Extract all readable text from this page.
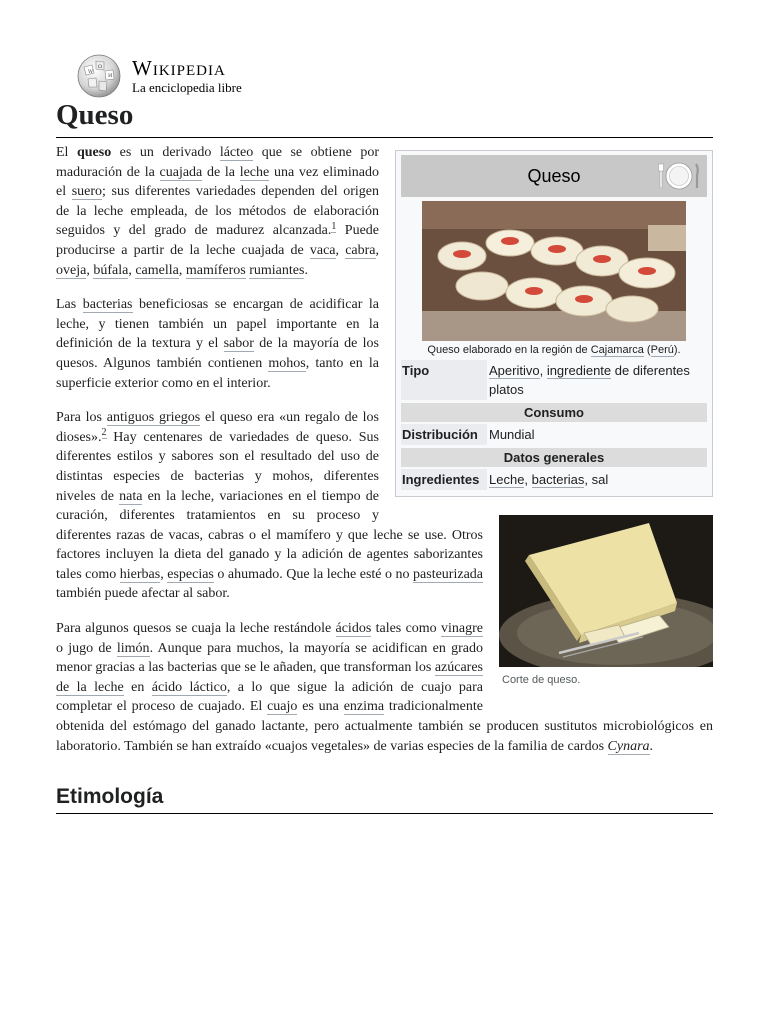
W
Ω
И Wikipedia
La enciclopedia libre
Queso
Queso
Queso elaborado en la región de Cajamarca (Perú).
Tipo	Aperitivo, ingrediente de diferentes platos
Consumo
Distribución Mundial
Datos generales
Ingredientes Leche, bacterias, sal

El queso es un derivado lácteo que se obtiene por maduración de la cuajada de la leche una vez eliminado el suero; sus diferentes variedades dependen del origen de la leche empleada, de los métodos de elaboración seguidos y del grado de madurez alcanzada.$^1$ Puede producirse a partir de la leche cuajada de vaca, cabra, oveja, búfala, camella, mamíferos rumiantes.

Las bacterias beneficiosas se encargan de acidificar la leche, y tienen también un papel importante en la definición de la textura y el sabor de la mayoría de los quesos. Algunos también contienen mohos, tanto en la superficie exterior como en el interior.

Corte de queso.

Para los antiguos griegos el queso era «un regalo de los dioses».$^2$ Hay centenares de variedades de queso. Sus diferentes estilos y sabores son el resultado del uso de distintas especies de bacterias y mohos, diferentes niveles de nata en la leche, variaciones en el tiempo de curación, diferentes tratamientos en su proceso y diferentes razas de vacas, cabras o el mamífero y que leche se use. Otros factores incluyen la dieta del ganado y la adición de agentes saborizantes tales como hierbas, especias o ahumado. Que la leche esté o no pasteurizada también puede afectar al sabor.

Para algunos quesos se cuaja la leche restándole ácidos tales como vinagre o jugo de limón. Aunque para muchos, la mayoría se acidifican en grado menor gracias a las bacterias que se le añaden, que transforman los azúcares de la leche en ácido láctico, a lo que sigue la adición de cuajo para completar el proceso de cuajado. El cuajo es una enzima tradicionalmente obtenida del estómago del ganado lactante, pero actualmente también se producen sustitutos microbiológicos en laboratorio. También se han extraído «cuajos vegetales» de varias especies de la familia de cardos Cynara.

Etimología
